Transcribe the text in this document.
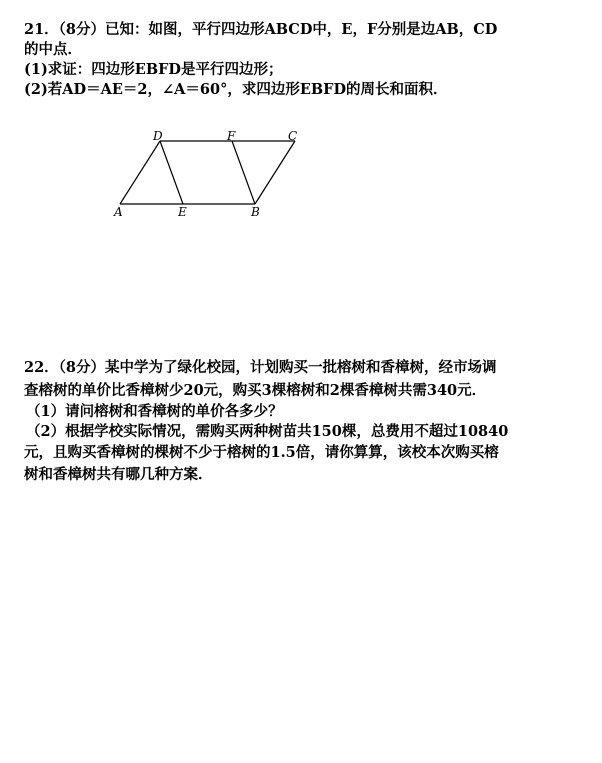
21．（8分）已知：如图，平行四边形ABCD中，E，F分别是边AB，CD
的中点．
(1)求证：四边形EBFD是平行四边形；
(2)若AD＝AE＝2，∠A＝60°，求四边形EBFD的周长和面积．
A	E	B
D	F	C
22．（8分）某中学为了绿化校园，计划购买一批榕树和香樟树，经市场调
查榕树的单价比香樟树少20元，购买3棵榕树和2棵香樟树共需340元．
（1）请问榕树和香樟树的单价各多少？
（2）根据学校实际情况，需购买两种树苗共150棵，总费用不超过10840
元，且购买香樟树的棵树不少于榕树的1.5倍，请你算算，该校本次购买榕
树和香樟树共有哪几种方案．
